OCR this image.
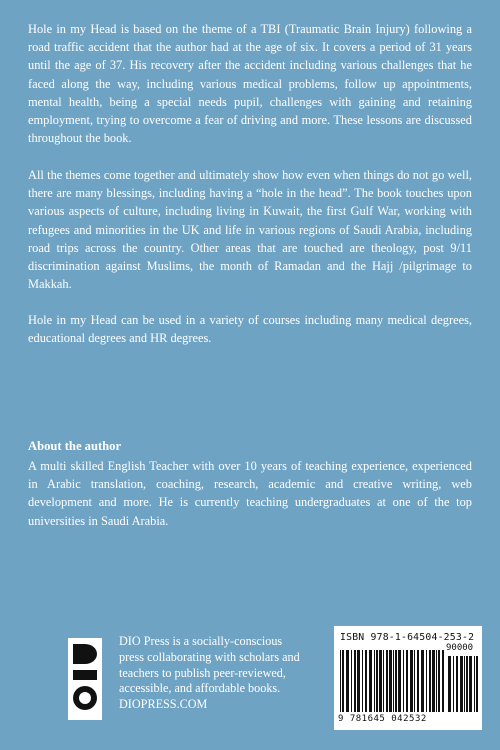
Hole in my Head is based on the theme of a TBI (Traumatic Brain Injury) following a road traffic accident that the author had at the age of six. It covers a period of 31 years until the age of 37. His recovery after the accident including various challenges that he faced along the way, including various medical problems, follow up appointments, mental health, being a special needs pupil, challenges with gaining and retaining employment, trying to overcome a fear of driving and more. These lessons are discussed throughout the book.

All the themes come together and ultimately show how even when things do not go well, there are many blessings, including having a “hole in the head”. The book touches upon various aspects of culture, including living in Kuwait, the first Gulf War, working with refugees and minorities in the UK and life in various regions of Saudi Arabia, including road trips across the country. Other areas that are touched are theology, post 9/11 discrimination against Muslims, the month of Ramadan and the Hajj /pilgrimage to Makkah.

Hole in my Head can be used in a variety of courses including many medical degrees, educational degrees and HR degrees.

About the author

A multi skilled English Teacher with over 10 years of teaching experience, experienced in Arabic translation, coaching, research, academic and creative writing, web development and more. He is currently teaching undergraduates at one of the top universities in Saudi Arabia.

DIO Press is a socially-conscious
press collaborating with scholars and
teachers to publish peer-reviewed,
accessible, and affordable books.
DIOPRESS.COM
ISBN 978-1-64504-253-2
90000
9 781645 042532
